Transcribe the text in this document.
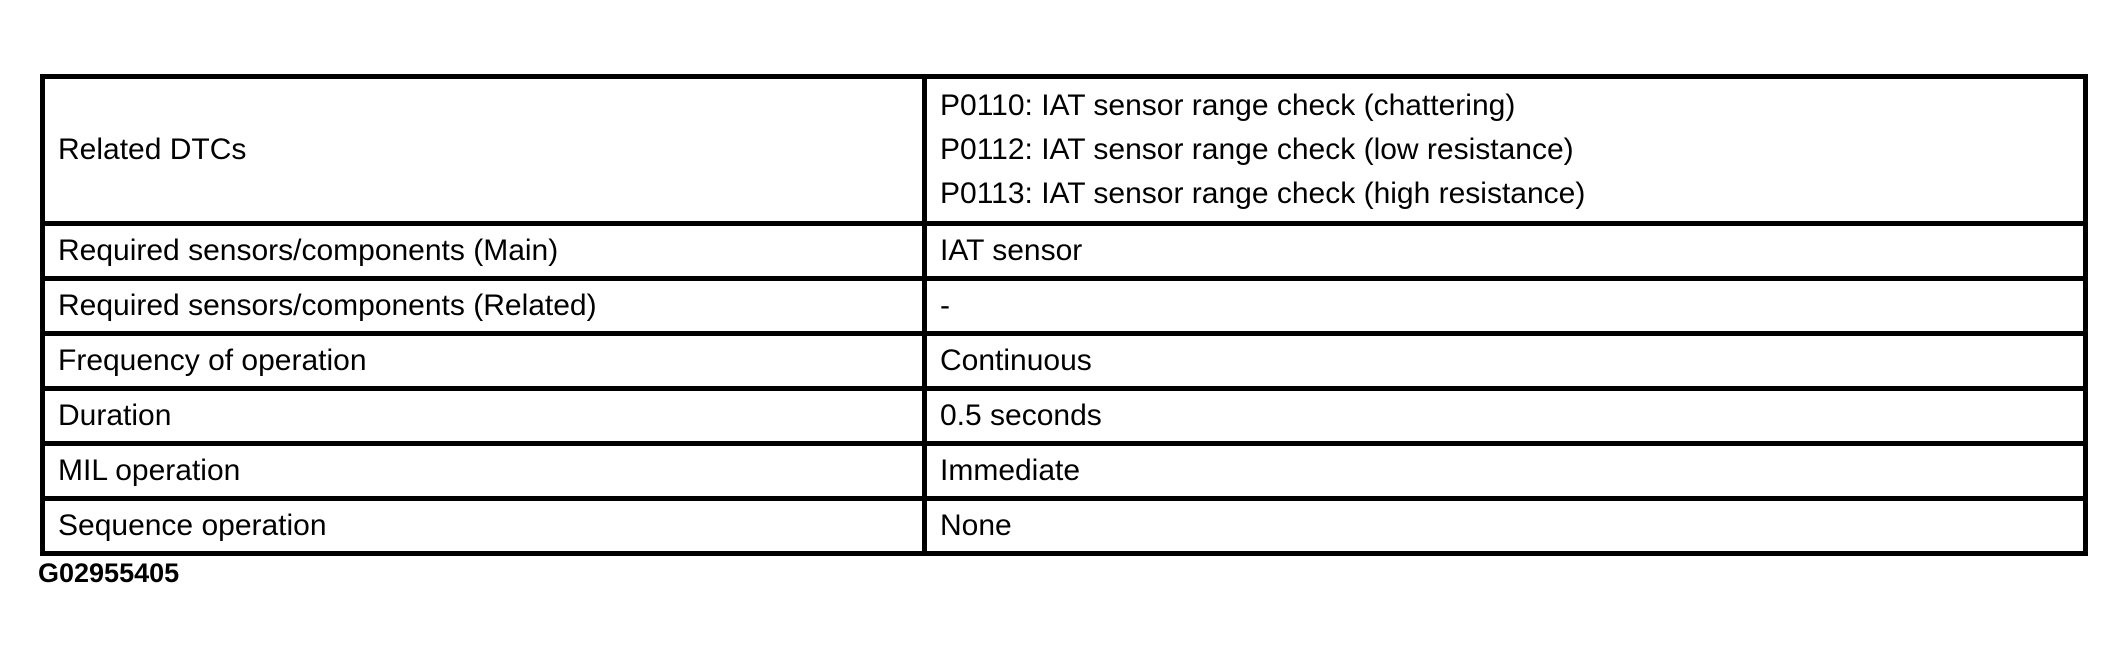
Related DTCs	P0110: IAT sensor range check (chattering)
P0112: IAT sensor range check (low resistance)
P0113: IAT sensor range check (high resistance)

Required sensors/components (Main)	IAT sensor
Required sensors/components (Related)	-
Frequency of operation	Continuous
Duration	0.5 seconds
MIL operation	Immediate
Sequence operation	None
G02955405
